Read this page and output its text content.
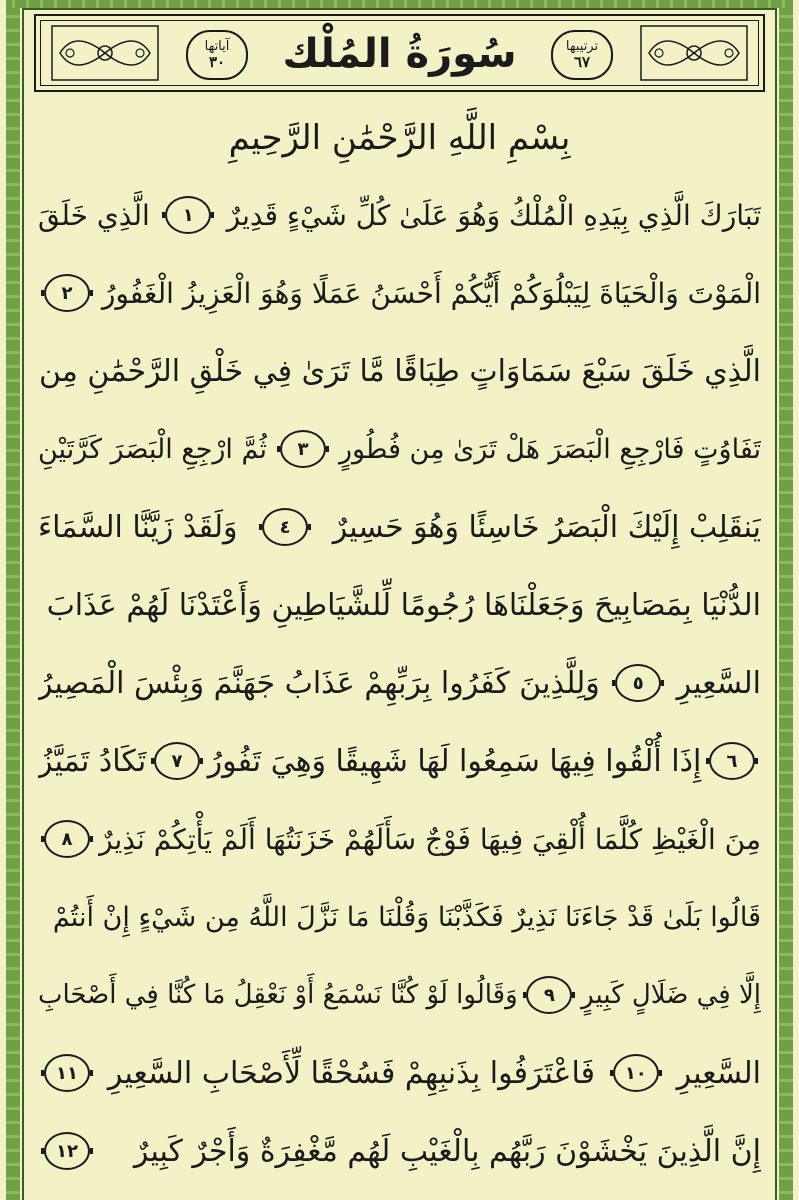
آياتها
٣٠	سُورَةُ المُلْك	ترتيبها
٦٧
بِسْمِ اللَّهِ الرَّحْمَٰنِ الرَّحِيمِ
تَبَارَكَ الَّذِي بِيَدِهِ الْمُلْكُ وَهُوَ عَلَىٰ كُلِّ شَيْءٍ قَدِيرٌ
١
الَّذِي خَلَقَ
الْمَوْتَ وَالْحَيَاةَ لِيَبْلُوَكُمْ أَيُّكُمْ أَحْسَنُ عَمَلًا وَهُوَ الْعَزِيزُ الْغَفُورُ
٢
الَّذِي خَلَقَ سَبْعَ سَمَاوَاتٍ طِبَاقًا مَّا تَرَىٰ فِي خَلْقِ الرَّحْمَٰنِ مِن
تَفَاوُتٍ فَارْجِعِ الْبَصَرَ هَلْ تَرَىٰ مِن فُطُورٍ
٣
ثُمَّ ارْجِعِ الْبَصَرَ كَرَّتَيْنِ
يَنقَلِبْ إِلَيْكَ الْبَصَرُ خَاسِئًا وَهُوَ حَسِيرٌ
٤
وَلَقَدْ زَيَّنَّا السَّمَاءَ
الدُّنْيَا بِمَصَابِيحَ وَجَعَلْنَاهَا رُجُومًا لِّلشَّيَاطِينِ وَأَعْتَدْنَا لَهُمْ عَذَابَ
السَّعِيرِ
٥
وَلِلَّذِينَ كَفَرُوا بِرَبِّهِمْ عَذَابُ جَهَنَّمَ وَبِئْسَ الْمَصِيرُ
٦
إِذَا أُلْقُوا فِيهَا سَمِعُوا لَهَا شَهِيقًا وَهِيَ تَفُورُ
٧
تَكَادُ تَمَيَّزُ
مِنَ الْغَيْظِ كُلَّمَا أُلْقِيَ فِيهَا فَوْجٌ سَأَلَهُمْ خَزَنَتُهَا أَلَمْ يَأْتِكُمْ نَذِيرٌ
٨
قَالُوا بَلَىٰ قَدْ جَاءَنَا نَذِيرٌ فَكَذَّبْنَا وَقُلْنَا مَا نَزَّلَ اللَّهُ مِن شَيْءٍ إِنْ أَنتُمْ
إِلَّا فِي ضَلَالٍ كَبِيرٍ
٩
وَقَالُوا لَوْ كُنَّا نَسْمَعُ أَوْ نَعْقِلُ مَا كُنَّا فِي أَصْحَابِ
السَّعِيرِ
١٠
فَاعْتَرَفُوا بِذَنبِهِمْ فَسُحْقًا لِّأَصْحَابِ السَّعِيرِ
١١
إِنَّ الَّذِينَ يَخْشَوْنَ رَبَّهُم بِالْغَيْبِ لَهُم مَّغْفِرَةٌ وَأَجْرٌ كَبِيرٌ
١٢
